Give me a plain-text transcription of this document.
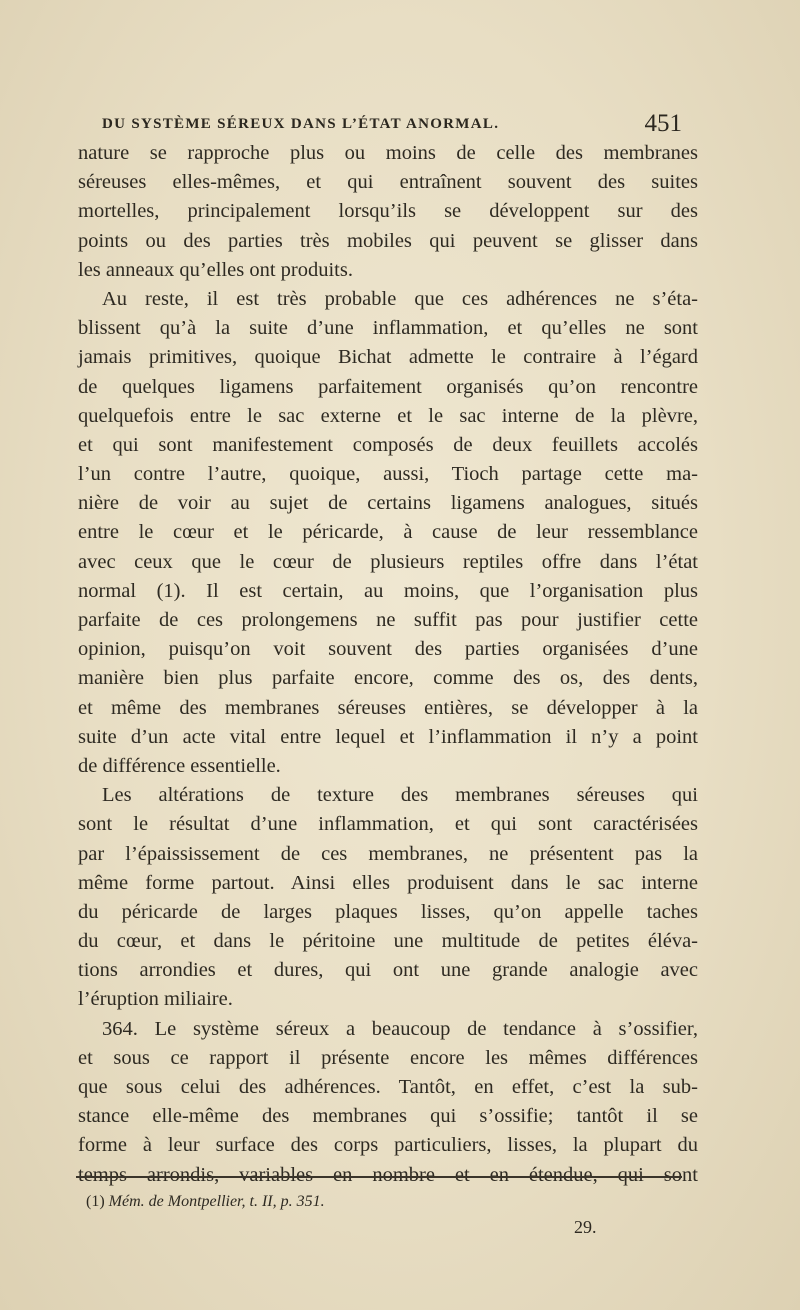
DU SYSTÈME SÉREUX DANS L’ÉTAT ANORMAL.	451
nature se rapproche plus ou moins de celle des membranes
séreuses elles-mêmes, et qui entraînent souvent des suites
mortelles, principalement lorsqu’ils se développent sur des
points ou des parties très mobiles qui peuvent se glisser dans
les anneaux qu’elles ont produits.
Au reste, il est très probable que ces adhérences ne s’éta-
blissent qu’à la suite d’une inflammation, et qu’elles ne sont
jamais primitives, quoique Bichat admette le contraire à l’égard
de quelques ligamens parfaitement organisés qu’on rencontre
quelquefois entre le sac externe et le sac interne de la plèvre,
et qui sont manifestement composés de deux feuillets accolés
l’un contre l’autre, quoique, aussi, Tioch partage cette ma-
nière de voir au sujet de certains ligamens analogues, situés
entre le cœur et le péricarde, à cause de leur ressemblance
avec ceux que le cœur de plusieurs reptiles offre dans l’état
normal (1). Il est certain, au moins, que l’organisation plus
parfaite de ces prolongemens ne suffit pas pour justifier cette
opinion, puisqu’on voit souvent des parties organisées d’une
manière bien plus parfaite encore, comme des os, des dents,
et même des membranes séreuses entières, se développer à la
suite d’un acte vital entre lequel et l’inflammation il n’y a point
de différence essentielle.
Les altérations de texture des membranes séreuses qui
sont le résultat d’une inflammation, et qui sont caractérisées
par l’épaississement de ces membranes, ne présentent pas la
même forme partout. Ainsi elles produisent dans le sac interne
du péricarde de larges plaques lisses, qu’on appelle taches
du cœur, et dans le péritoine une multitude de petites éléva-
tions arrondies et dures, qui ont une grande analogie avec
l’éruption miliaire.
364. Le système séreux a beaucoup de tendance à s’ossifier,
et sous ce rapport il présente encore les mêmes différences
que sous celui des adhérences. Tantôt, en effet, c’est la sub-
stance elle-même des membranes qui s’ossifie; tantôt il se
forme à leur surface des corps particuliers, lisses, la plupart du
temps arrondis, variables en nombre et en étendue, qui sont
(1) Mém. de Montpellier, t. II, p. 351.
29.
